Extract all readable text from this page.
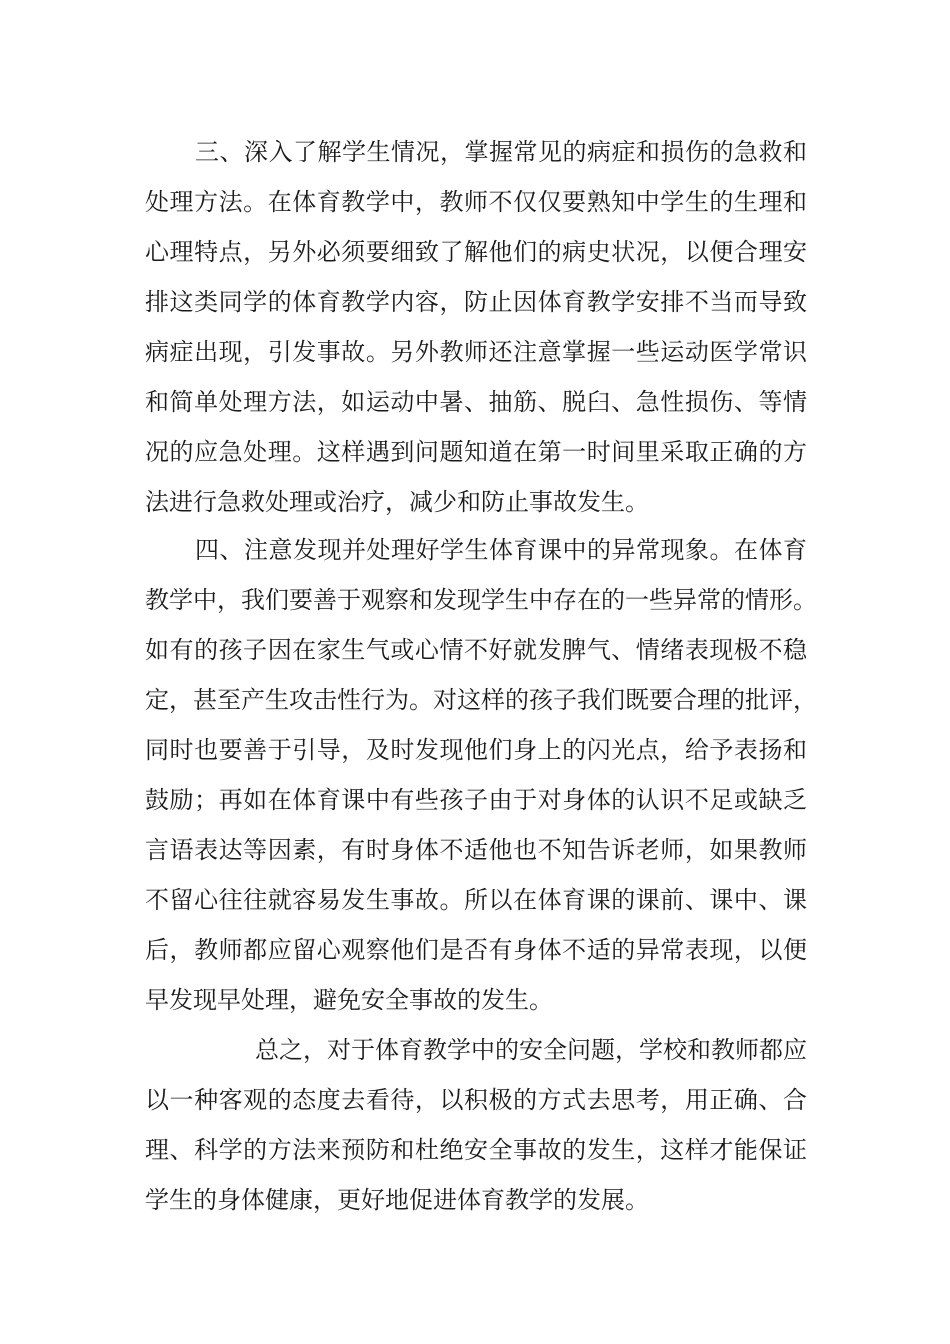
三、深入了解学生情况，掌握常见的病症和损伤的急救和
处理方法。在体育教学中，教师不仅仅要熟知中学生的生理和
心理特点，另外必须要细致了解他们的病史状况，以便合理安
排这类同学的体育教学内容，防止因体育教学安排不当而导致
病症出现，引发事故。另外教师还注意掌握一些运动医学常识
和简单处理方法，如运动中暑、抽筋、脱臼、急性损伤、等情
况的应急处理。这样遇到问题知道在第一时间里采取正确的方
法进行急救处理或治疗，减少和防止事故发生。
四、注意发现并处理好学生体育课中的异常现象。在体育
教学中，我们要善于观察和发现学生中存在的一些异常的情形。
如有的孩子因在家生气或心情不好就发脾气、情绪表现极不稳
定，甚至产生攻击性行为。对这样的孩子我们既要合理的批评，
同时也要善于引导，及时发现他们身上的闪光点，给予表扬和
鼓励；再如在体育课中有些孩子由于对身体的认识不足或缺乏
言语表达等因素，有时身体不适他也不知告诉老师，如果教师
不留心往往就容易发生事故。所以在体育课的课前、课中、课
后，教师都应留心观察他们是否有身体不适的异常表现，以便
早发现早处理，避免安全事故的发生。
总之，对于体育教学中的安全问题，学校和教师都应
以一种客观的态度去看待，以积极的方式去思考，用正确、合
理、科学的方法来预防和杜绝安全事故的发生，这样才能保证
学生的身体健康，更好地促进体育教学的发展。
